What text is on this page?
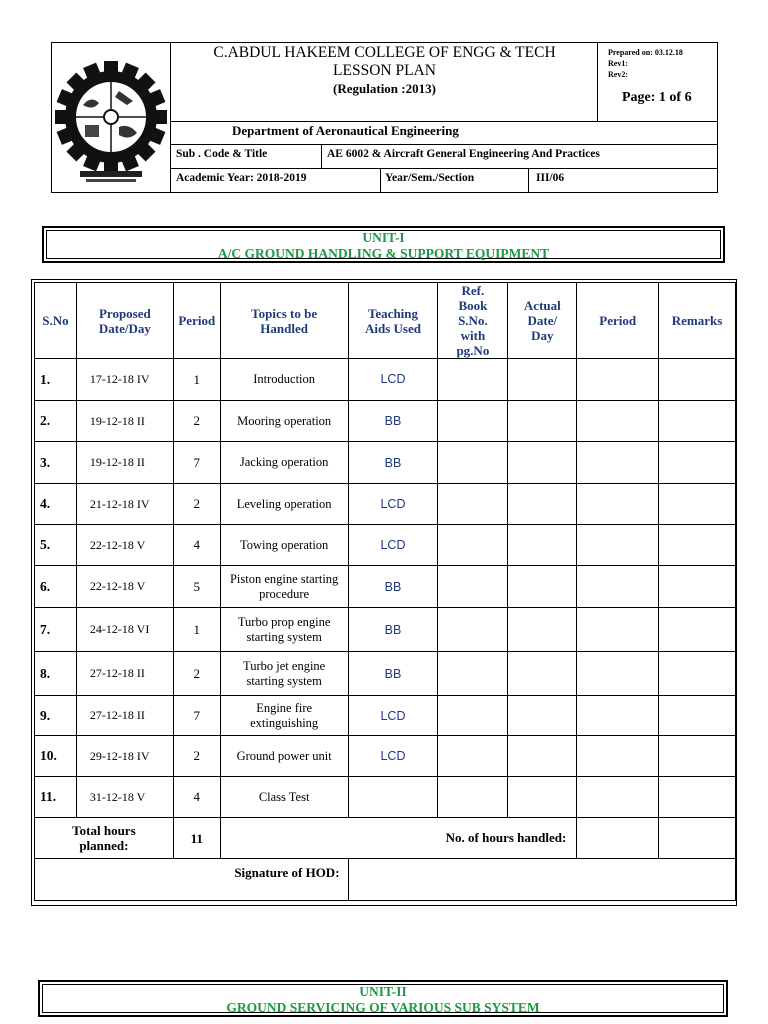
C.ABDUL HAKEEM COLLEGE OF ENGG & TECH
LESSON PLAN
(Regulation :2013)
Prepared on: 03.12.18
Rev1:
Rev2:
Page: 1 of 6
Department of Aeronautical Engineering
Sub . Code & Title	AE 6002 & Aircraft General Engineering And Practices
Academic Year: 2018-2019	Year/Sem./Section	III/06
UNIT-I
A/C GROUND HANDLING & SUPPORT EQUIPMENT
S.No	Proposed Date/Day	Period	Topics to be Handled	Teaching Aids Used	Ref. Book S.No. with pg.No	Actual Date/ Day	Period	Remarks
1.	17-12-18 IV	1	Introduction	LCD				
2.	19-12-18 II	2	Mooring operation	BB				
3.	19-12-18 II	7	Jacking operation	BB				
4.	21-12-18 IV	2	Leveling operation	LCD				
5.	22-12-18 V	4	Towing operation	LCD				
6.	22-12-18 V	5	Piston engine starting procedure	BB				
7.	24-12-18 VI	1	Turbo prop engine starting system	BB				
8.	27-12-18 II	2	Turbo jet engine starting system	BB				
9.	27-12-18 II	7	Engine fire extinguishing	LCD				
10.	29-12-18 IV	2	Ground power unit	LCD				
11.	31-12-18 V	4	Class Test					
Total hours planned:		11	No. of hours handled:					
Signature of HOD:								
UNIT-II
GROUND SERVICING OF VARIOUS SUB SYSTEM
